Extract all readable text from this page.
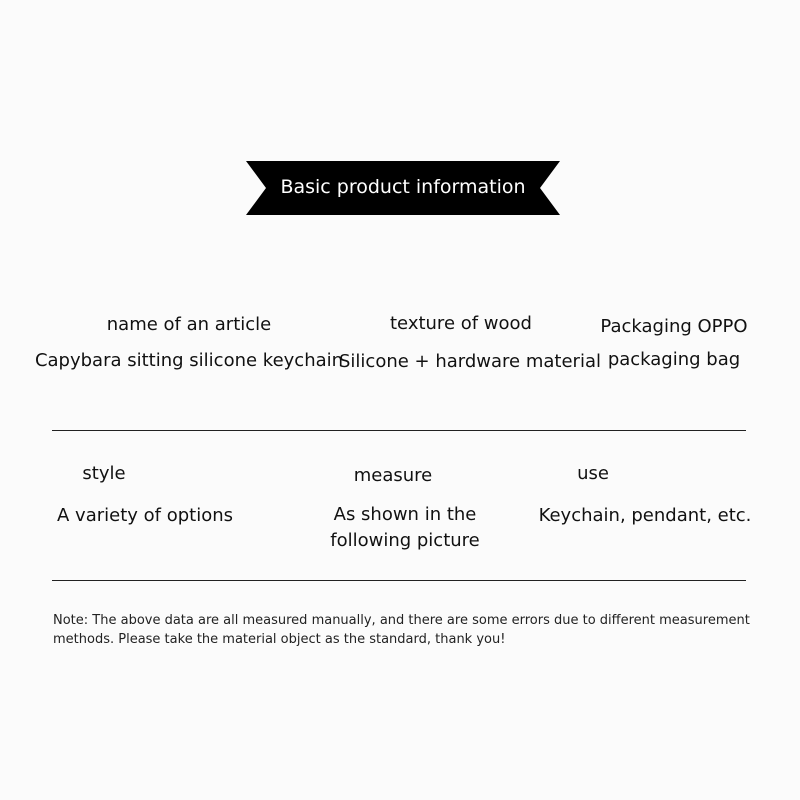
Basic product information
name of an article
Capybara sitting silicone keychain
texture of wood
Silicone + hardware material
Packaging OPPO
packaging bag
style
A variety of options
measure
As shown in the
following picture
use
Keychain, pendant, etc.
Note: The above data are all measured manually, and there are some errors due to different measurement methods. Please take the material object as the standard, thank you!
